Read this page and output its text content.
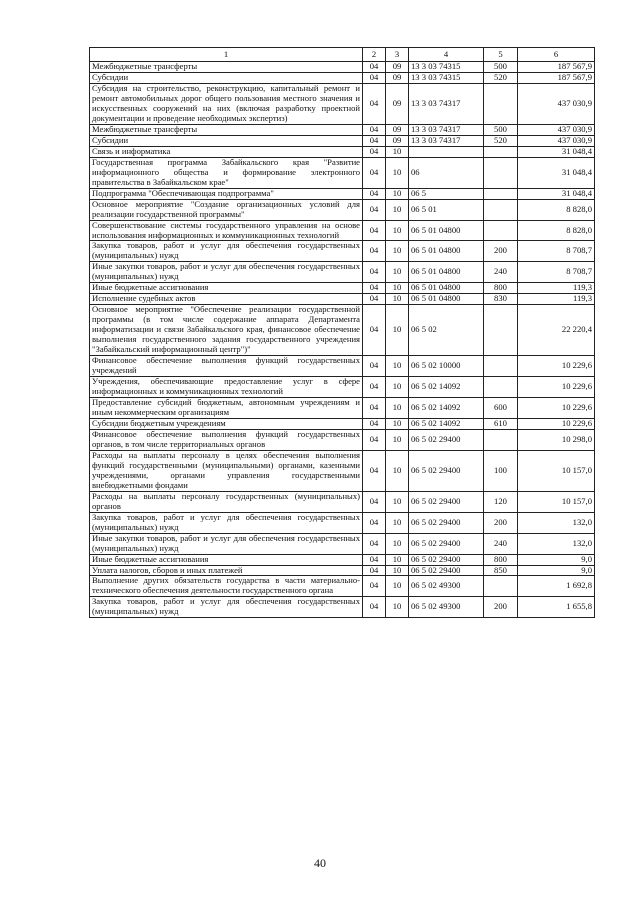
1	2	3	4	5	6
Межбюджетные трансферты	04	09	13 3 03 74315	500	187 567,9
Субсидии	04	09	13 3 03 74315	520	187 567,9
Субсидия на строительство, реконструкцию, капитальный ремонт и ремонт автомобильных дорог общего пользования местного значения и искусственных сооружений на них (включая разработку проектной документации и проведение необходимых экспертиз)	04	09	13 3 03 74317		437 030,9
Межбюджетные трансферты	04	09	13 3 03 74317	500	437 030,9
Субсидии	04	09	13 3 03 74317	520	437 030,9
Связь и информатика	04	10			31 048,4
Государственная программа Забайкальского края "Развитие информационного общества и формирование электронного правительства в Забайкальском крае"	04	10	06		31 048,4
Подпрограмма "Обеспечивающая подпрограмма"	04	10	06 5		31 048,4
Основное мероприятие "Создание организационных условий для реализации государственной программы"	04	10	06 5 01		8 828,0
Совершенствование системы государственного управления на основе использования информационных и коммуникационных технологий	04	10	06 5 01 04800		8 828,0
Закупка товаров, работ и услуг для обеспечения государственных (муниципальных) нужд	04	10	06 5 01 04800	200	8 708,7
Иные закупки товаров, работ и услуг для обеспечения государственных (муниципальных) нужд	04	10	06 5 01 04800	240	8 708,7
Иные бюджетные ассигнования	04	10	06 5 01 04800	800	119,3
Исполнение судебных актов	04	10	06 5 01 04800	830	119,3
Основное мероприятие "Обеспечение реализации государственной программы (в том числе содержание аппарата Департамента информатизации и связи Забайкальского края, финансовое обеспечение выполнения государственного задания государственного учреждения "Забайкальский информационный центр")"	04	10	06 5 02		22 220,4
Финансовое обеспечение выполнения функций государственных учреждений	04	10	06 5 02 10000		10 229,6
Учреждения, обеспечивающие предоставление услуг в сфере информационных и коммуникационных технологий	04	10	06 5 02 14092		10 229,6
Предоставление субсидий бюджетным, автономным учреждениям и иным некоммерческим организациям	04	10	06 5 02 14092	600	10 229,6
Субсидии бюджетным учреждениям	04	10	06 5 02 14092	610	10 229,6
Финансовое обеспечение выполнения функций государственных органов, в том числе территориальных органов	04	10	06 5 02 29400		10 298,0
Расходы на выплаты персоналу в целях обеспечения выполнения функций государственными (муниципальными) органами, казенными учреждениями, органами управления государственными внебюджетными фондами	04	10	06 5 02 29400	100	10 157,0
Расходы на выплаты персоналу государственных (муниципальных) органов	04	10	06 5 02 29400	120	10 157,0
Закупка товаров, работ и услуг для обеспечения государственных (муниципальных) нужд	04	10	06 5 02 29400	200	132,0
Иные закупки товаров, работ и услуг для обеспечения государственных (муниципальных) нужд	04	10	06 5 02 29400	240	132,0
Иные бюджетные ассигнования	04	10	06 5 02 29400	800	9,0
Уплата налогов, сборов и иных платежей	04	10	06 5 02 29400	850	9,0
Выполнение других обязательств государства в части материально-технического обеспечения деятельности государственного органа	04	10	06 5 02 49300		1 692,8
Закупка товаров, работ и услуг для обеспечения государственных (муниципальных) нужд	04	10	06 5 02 49300	200	1 655,8
40
